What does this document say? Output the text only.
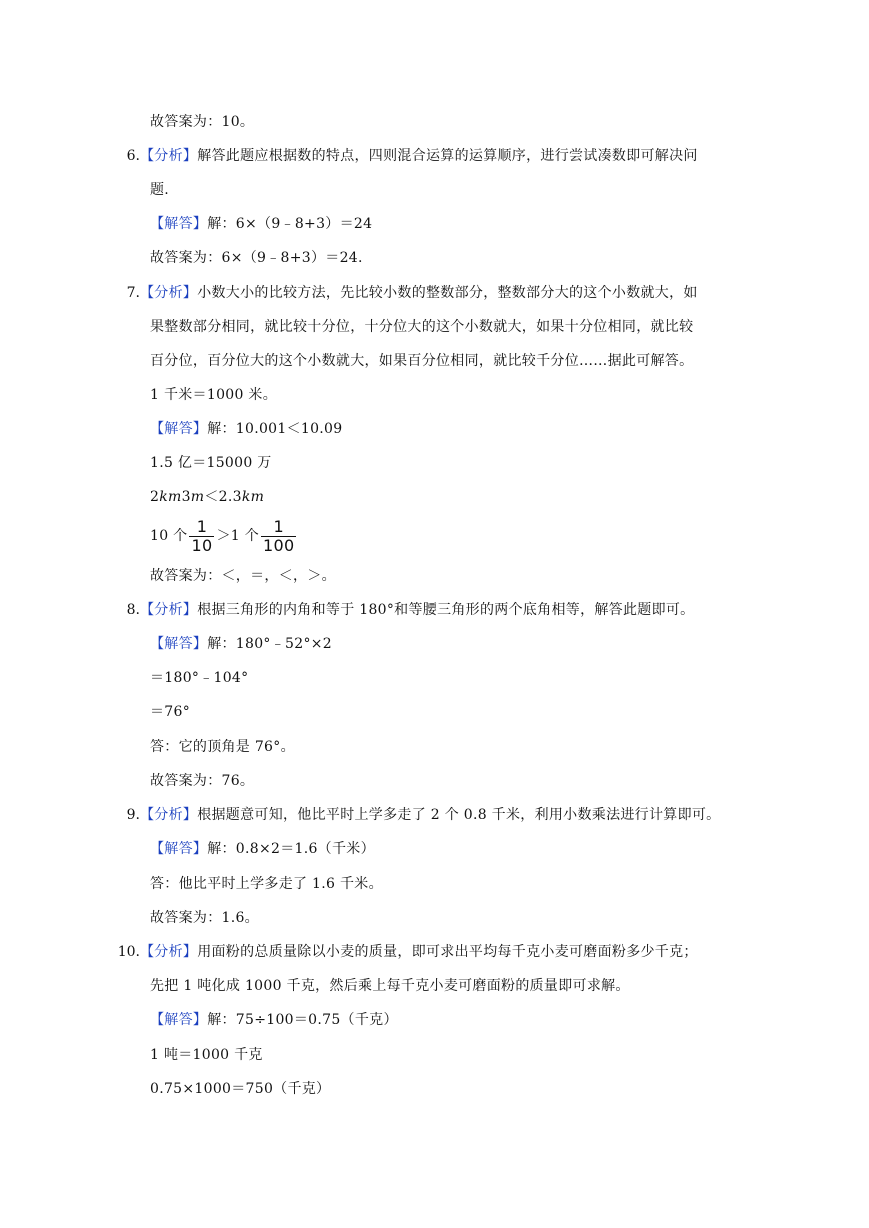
故答案为：10。
6. 【分析】解答此题应根据数的特点，四则混合运算的运算顺序，进行尝试凑数即可解决问
题.
【解答】解：6×（9﹣8+3）＝24
故答案为：6×（9﹣8+3）＝24.
7. 【分析】小数大小的比较方法，先比较小数的整数部分，整数部分大的这个小数就大，如
果整数部分相同，就比较十分位，十分位大的这个小数就大，如果十分位相同，就比较
百分位，百分位大的这个小数就大，如果百分位相同，就比较千分位……据此可解答。
1 千米＝1000 米。
【解答】解：10.001＜10.09
1.5 亿＝15000 万
2km3m＜2.3km
10 个 $\frac{1}{10} >1$ 个 $\frac{1}{100}$
故答案为：＜，＝，＜，＞。
8. 【分析】根据三角形的内角和等于 180°和等腰三角形的两个底角相等，解答此题即可。
【解答】解：180°﹣52°×2
＝180°﹣104°
＝76°
答：它的顶角是 76°。
故答案为：76。
9. 【分析】根据题意可知，他比平时上学多走了 2 个 0.8 千米，利用小数乘法进行计算即可。
【解答】解：0.8×2＝1.6（千米）
答：他比平时上学多走了 1.6 千米。
故答案为：1.6。
10. 【分析】用面粉的总质量除以小麦的质量，即可求出平均每千克小麦可磨面粉多少千克；
先把 1 吨化成 1000 千克，然后乘上每千克小麦可磨面粉的质量即可求解。
【解答】解：75÷100＝0.75（千克）
1 吨＝1000 千克
0.75×1000＝750（千克）
